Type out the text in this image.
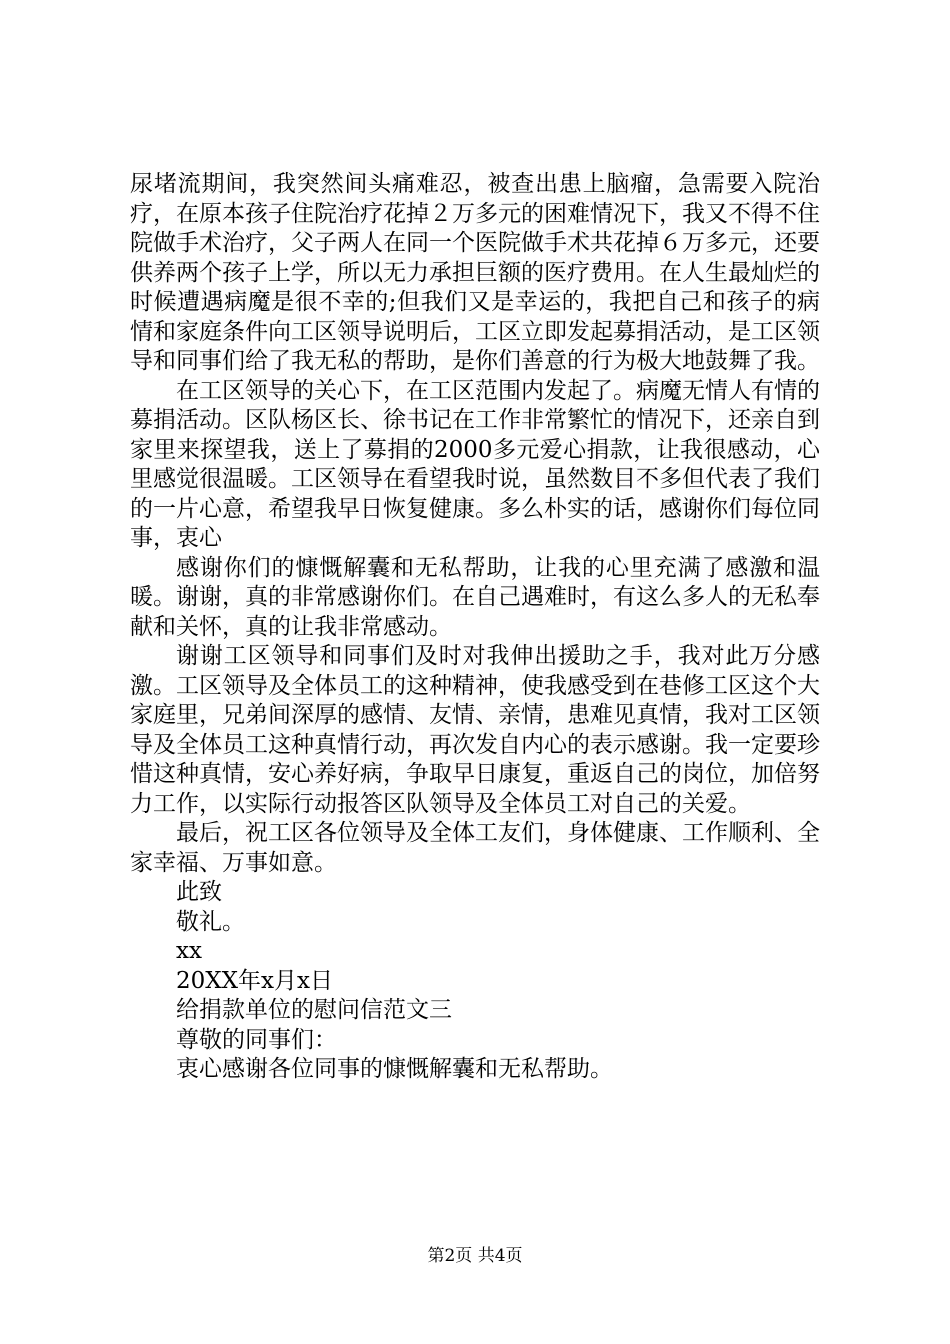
尿堵流期间，我突然间头痛难忍，被查出患上脑瘤，急需要入院治疗，在原本孩子住院治疗花掉２万多元的困难情况下，我又不得不住院做手术治疗，父子两人在同一个医院做手术共花掉６万多元，还要供养两个孩子上学，所以无力承担巨额的医疗费用。在人生最灿烂的时候遭遇病魔是很不幸的;但我们又是幸运的，我把自己和孩子的病情和家庭条件向工区领导说明后，工区立即发起募捐活动，是工区领导和同事们给了我无私的帮助，是你们善意的行为极大地鼓舞了我。

在工区领导的关心下，在工区范围内发起了。病魔无情人有情的募捐活动。区队杨区长、徐书记在工作非常繁忙的情况下，还亲自到家里来探望我，送上了募捐的2000多元爱心捐款，让我很感动，心里感觉很温暖。工区领导在看望我时说，虽然数目不多但代表了我们的一片心意，希望我早日恢复健康。多么朴实的话，感谢你们每位同事，衷心

感谢你们的慷慨解囊和无私帮助，让我的心里充满了感激和温暖。谢谢，真的非常感谢你们。在自己遇难时，有这么多人的无私奉献和关怀，真的让我非常感动。

谢谢工区领导和同事们及时对我伸出援助之手，我对此万分感激。工区领导及全体员工的这种精神，使我感受到在巷修工区这个大家庭里，兄弟间深厚的感情、友情、亲情，患难见真情，我对工区领导及全体员工这种真情行动，再次发自内心的表示感谢。我一定要珍惜这种真情，安心养好病，争取早日康复，重返自己的岗位，加倍努力工作，以实际行动报答区队领导及全体员工对自己的关爱。

最后，祝工区各位领导及全体工友们，身体健康、工作顺利、全家幸福、万事如意。

此致

敬礼。

xx

20XX年x月x日

给捐款单位的慰问信范文三

尊敬的同事们：

衷心感谢各位同事的慷慨解囊和无私帮助。

第2页 共4页
